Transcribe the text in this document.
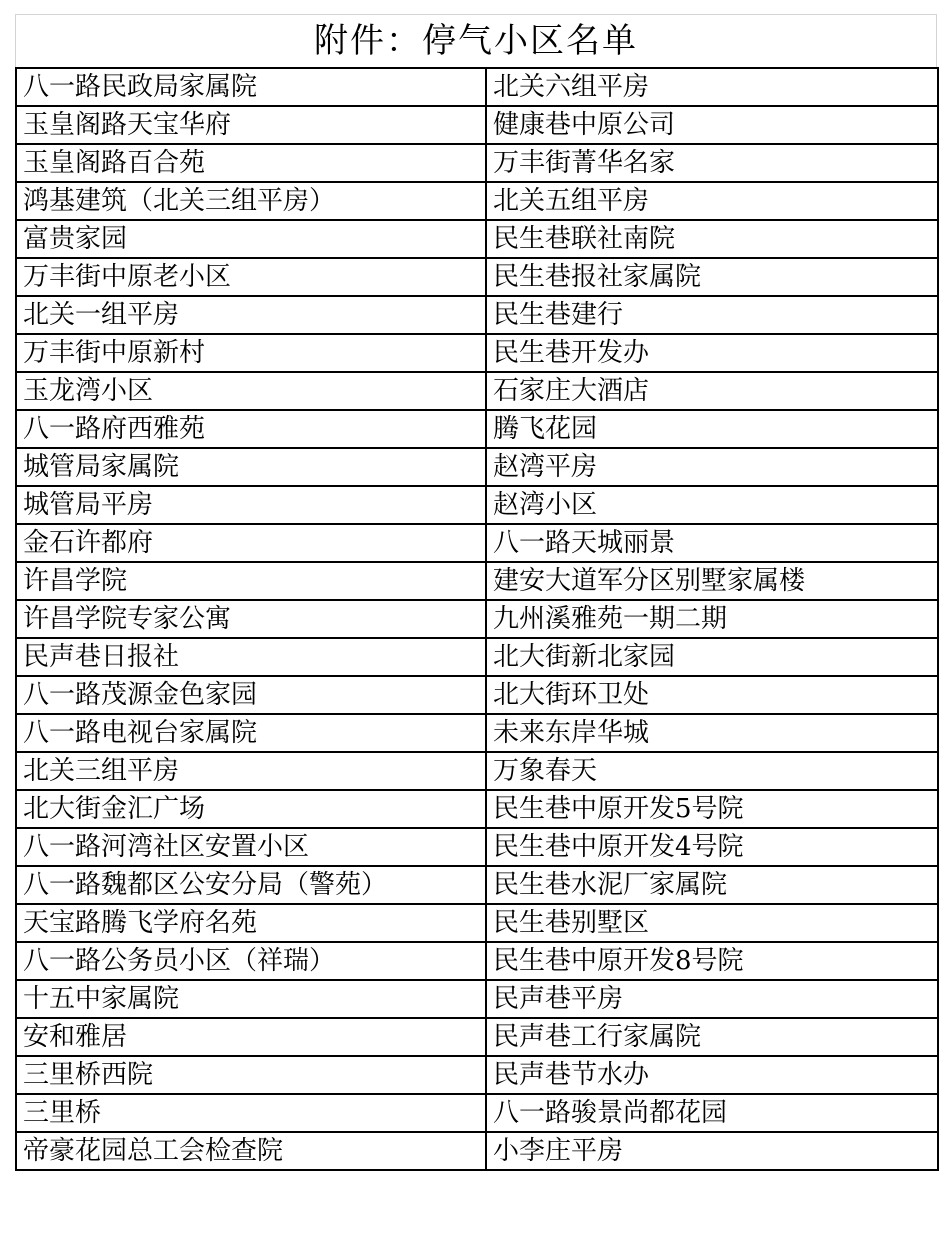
附件：停气小区名单
八一路民政局家属院	北关六组平房
玉皇阁路天宝华府	健康巷中原公司
玉皇阁路百合苑	万丰街菁华名家
鸿基建筑（北关三组平房）	北关五组平房
富贵家园	民生巷联社南院
万丰街中原老小区	民生巷报社家属院
北关一组平房	民生巷建行
万丰街中原新村	民生巷开发办
玉龙湾小区	石家庄大酒店
八一路府西雅苑	腾飞花园
城管局家属院	赵湾平房
城管局平房	赵湾小区
金石许都府	八一路天城丽景
许昌学院	建安大道军分区别墅家属楼
许昌学院专家公寓	九州溪雅苑一期二期
民声巷日报社	北大街新北家园
八一路茂源金色家园	北大街环卫处
八一路电视台家属院	未来东岸华城
北关三组平房	万象春天
北大街金汇广场	民生巷中原开发5号院
八一路河湾社区安置小区	民生巷中原开发4号院
八一路魏都区公安分局（警苑）	民生巷水泥厂家属院
天宝路腾飞学府名苑	民生巷别墅区
八一路公务员小区（祥瑞）	民生巷中原开发8号院
十五中家属院	民声巷平房
安和雅居	民声巷工行家属院
三里桥西院	民声巷节水办
三里桥	八一路骏景尚都花园
帝豪花园总工会检查院	小李庄平房
